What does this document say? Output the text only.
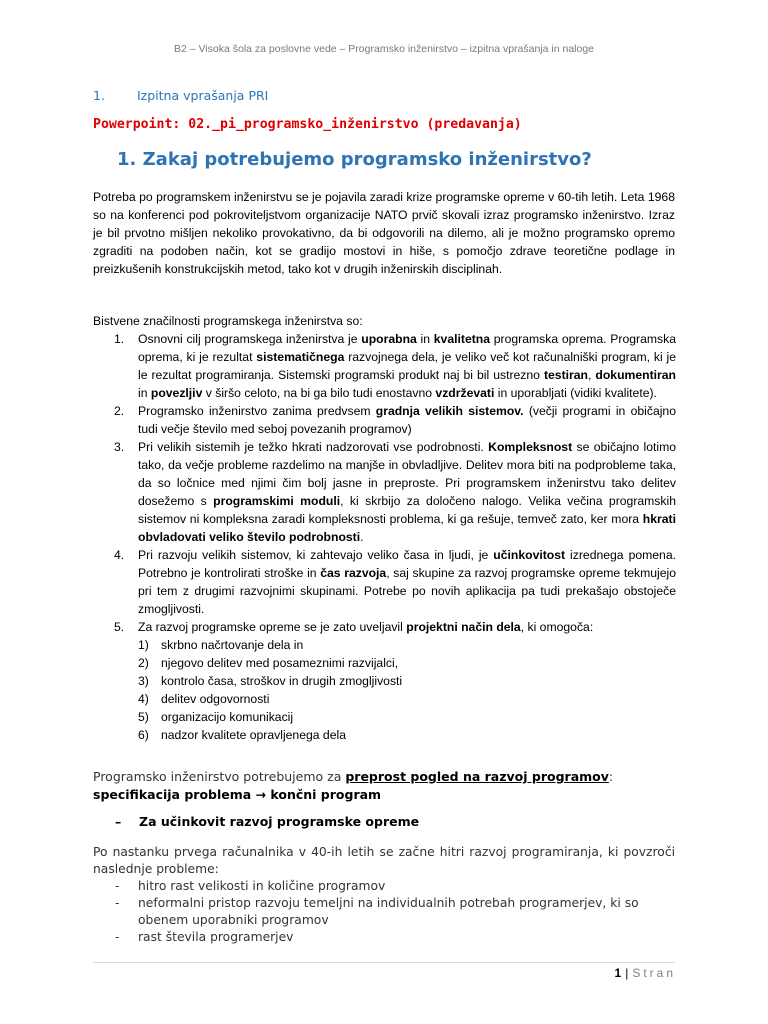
B2 – Visoka šola za poslovne vede – Programsko inženirstvo – izpitna vprašanja in naloge
1.	Izpitna vprašanja PRI
Powerpoint: 02._pi_programsko_inženirstvo (predavanja)
1. Zakaj potrebujemo programsko inženirstvo?
Potreba po programskem inženirstvu se je pojavila zaradi krize programske opreme v 60-tih letih. Leta 1968 so na konferenci pod pokroviteljstvom organizacije NATO prvič skovali izraz programsko inženirstvo. Izraz je bil prvotno mišljen nekoliko provokativno, da bi odgovorili na dilemo, ali je možno programsko opremo zgraditi na podoben način, kot se gradijo mostovi in hiše, s pomočjo zdrave teoretične podlage in preizkušenih konstrukcijskih metod, tako kot v drugih inženirskih disciplinah.
Bistvene značilnosti programskega inženirstva so:
1. Osnovni cilj programskega inženirstva je uporabna in kvalitetna programska oprema. Programska oprema, ki je rezultat sistematičnega razvojnega dela, je veliko več kot računalniški program, ki je le rezultat programiranja. Sistemski programski produkt naj bi bil ustrezno testiran, dokumentiran in povezljiv v širšo celoto, na bi ga bilo tudi enostavno vzdrževati in uporabljati (vidiki kvalitete).
2. Programsko inženirstvo zanima predvsem gradnja velikih sistemov. (večji programi in običajno tudi večje število med seboj povezanih programov)
3. Pri velikih sistemih je težko hkrati nadzorovati vse podrobnosti. Kompleksnost se običajno lotimo tako, da večje probleme razdelimo na manjše in obvladljive. Delitev mora biti na podprobleme taka, da so ločnice med njimi čim bolj jasne in preproste. Pri programskem inženirstvu tako delitev dosežemo s programskimi moduli, ki skrbijo za določeno nalogo. Velika večina programskih sistemov ni kompleksna zaradi kompleksnosti problema, ki ga rešuje, temveč zato, ker mora hkrati obvladovati veliko število podrobnosti.
4. Pri razvoju velikih sistemov, ki zahtevajo veliko časa in ljudi, je učinkovitost izrednega pomena. Potrebno je kontrolirati stroške in čas razvoja, saj skupine za razvoj programske opreme tekmujejo pri tem z drugimi razvojnimi skupinami. Potrebe po novih aplikacija pa tudi prekašajo obstoječe zmogljivosti.
5. Za razvoj programske opreme se je zato uveljavil projektni način dela, ki omogoča:
1) skrbno načrtovanje dela in
2) njegovo delitev med posameznimi razvijalci,
3) kontrolo časa, stroškov in drugih zmogljivosti
4) delitev odgovornosti
5) organizacijo komunikacij
6) nadzor kvalitete opravljenega dela
Programsko inženirstvo potrebujemo za preprost pogled na razvoj programov:
specifikacija problema → končni program
– Za učinkovit razvoj programske opreme
Po nastanku prvega računalnika v 40-ih letih se začne hitri razvoj programiranja, ki povzroči naslednje probleme:
- hitro rast velikosti in količine programov
- neformalni pristop razvoju temeljni na individualnih potrebah programerjev, ki so obenem uporabniki programov
- rast števila programerjev
1 | Stran
